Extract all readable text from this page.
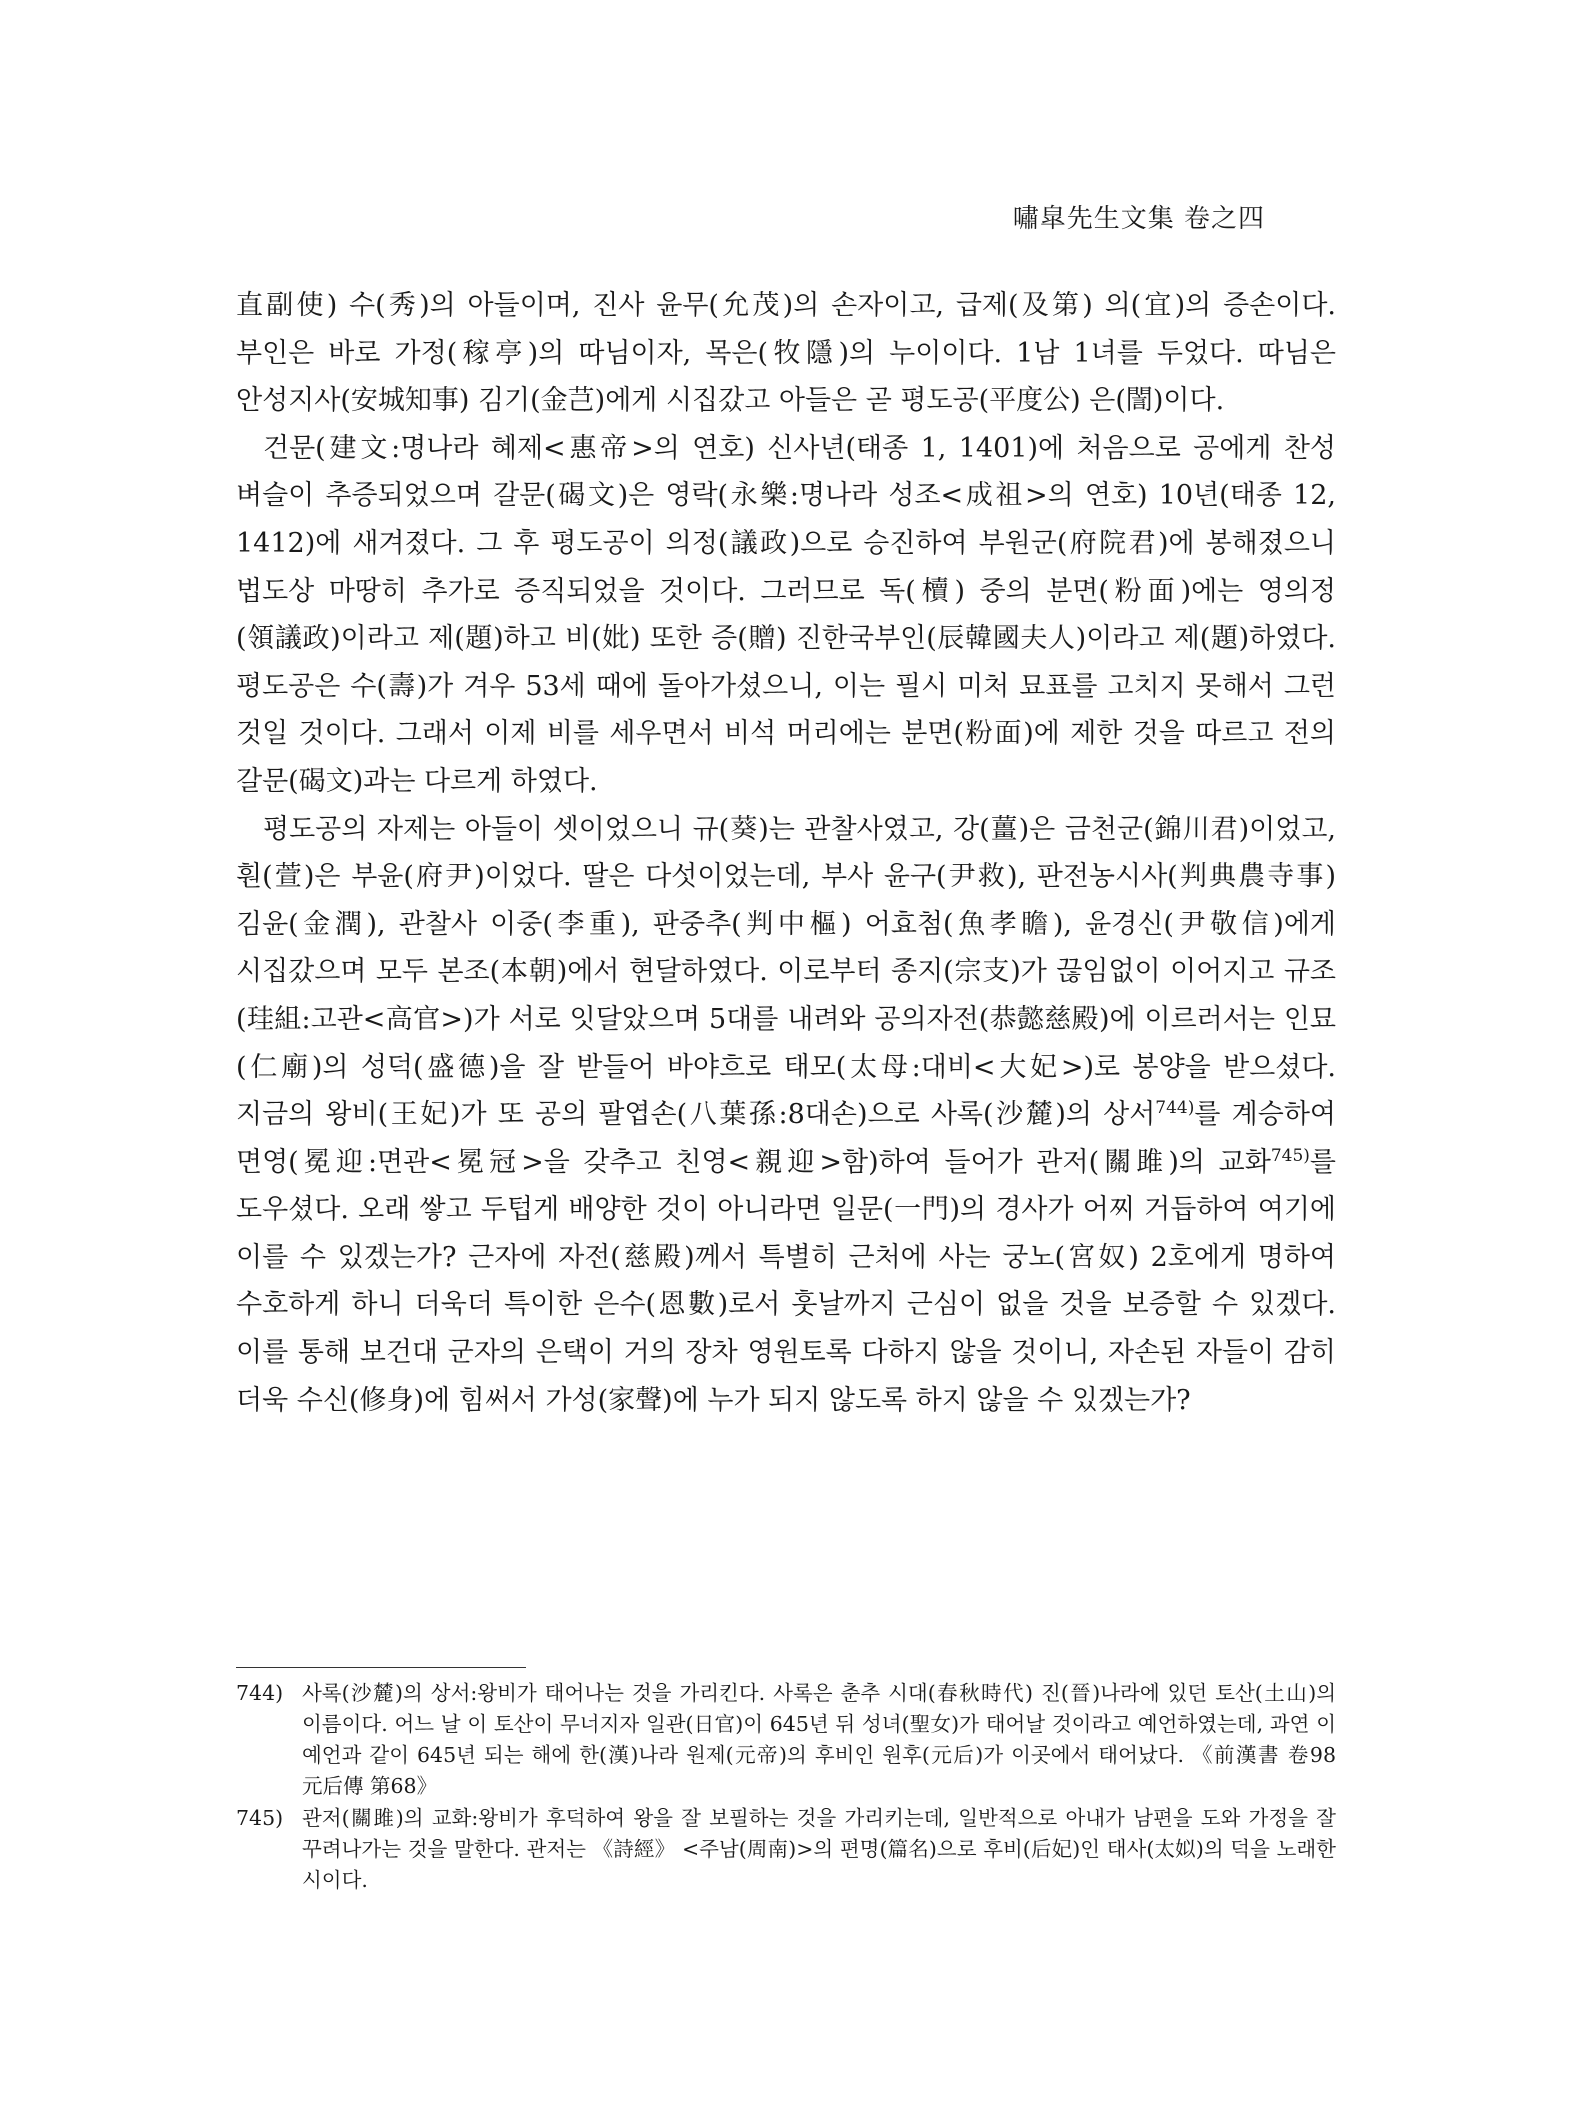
嘯皐先生文集 卷之四

直副使) 수(秀)의 아들이며, 진사 윤무(允茂)의 손자이고, 급제(及第) 의(宜)의 증손이다. 부인은 바로 가정(稼亭)의 따님이자, 목은(牧隱)의 누이이다. 1남 1녀를 두었다. 따님은 안성지사(安城知事) 김기(金芑)에게 시집갔고 아들은 곧 평도공(平度公) 은(誾)이다.

건문(建文:명나라 혜제<惠帝>의 연호) 신사년(태종 1, 1401)에 처음으로 공에게 찬성 벼슬이 추증되었으며 갈문(碣文)은 영락(永樂:명나라 성조<成祖>의 연호) 10년(태종 12, 1412)에 새겨졌다. 그 후 평도공이 의정(議政)으로 승진하여 부원군(府院君)에 봉해졌으니 법도상 마땅히 추가로 증직되었을 것이다. 그러므로 독(櫝) 중의 분면(粉面)에는 영의정(領議政)이라고 제(題)하고 비(妣) 또한 증(贈) 진한국부인(辰韓國夫人)이라고 제(題)하였다. 평도공은 수(壽)가 겨우 53세 때에 돌아가셨으니, 이는 필시 미처 묘표를 고치지 못해서 그런 것일 것이다. 그래서 이제 비를 세우면서 비석 머리에는 분면(粉面)에 제한 것을 따르고 전의 갈문(碣文)과는 다르게 하였다.

평도공의 자제는 아들이 셋이었으니 규(葵)는 관찰사였고, 강(薑)은 금천군(錦川君)이었고, 훤(萱)은 부윤(府尹)이었다. 딸은 다섯이었는데, 부사 윤구(尹救), 판전농시사(判典農寺事) 김윤(金潤), 관찰사 이중(李重), 판중추(判中樞) 어효첨(魚孝瞻), 윤경신(尹敬信)에게 시집갔으며 모두 본조(本朝)에서 현달하였다. 이로부터 종지(宗支)가 끊임없이 이어지고 규조(珪組:고관<高官>)가 서로 잇달았으며 5대를 내려와 공의자전(恭懿慈殿)에 이르러서는 인묘(仁廟)의 성덕(盛德)을 잘 받들어 바야흐로 태모(太母:대비<大妃>)로 봉양을 받으셨다. 지금의 왕비(王妃)가 또 공의 팔엽손(八葉孫:8대손)으로 사록(沙麓)의 상서$^{744)}$를 계승하여 면영(冕迎:면관<冕冠>을 갖추고 친영<親迎>함)하여 들어가 관저(關雎)의 교화$^{745)}$를 도우셨다. 오래 쌓고 두텁게 배양한 것이 아니라면 일문(一門)의 경사가 어찌 거듭하여 여기에 이를 수 있겠는가? 근자에 자전(慈殿)께서 특별히 근처에 사는 궁노(宮奴) 2호에게 명하여 수호하게 하니 더욱더 특이한 은수(恩數)로서 훗날까지 근심이 없을 것을 보증할 수 있겠다. 이를 통해 보건대 군자의 은택이 거의 장차 영원토록 다하지 않을 것이니, 자손된 자들이 감히 더욱 수신(修身)에 힘써서 가성(家聲)에 누가 되지 않도록 하지 않을 수 있겠는가?

744) 사록(沙麓)의 상서:왕비가 태어나는 것을 가리킨다. 사록은 춘추 시대(春秋時代) 진(晉)나라에 있던 토산(土山)의 이름이다. 어느 날 이 토산이 무너지자 일관(日官)이 645년 뒤 성녀(聖女)가 태어날 것이라고 예언하였는데, 과연 이 예언과 같이 645년 되는 해에 한(漢)나라 원제(元帝)의 후비인 원후(元后)가 이곳에서 태어났다. 《前漢書 卷98 元后傳 第68》
745) 관저(關雎)의 교화:왕비가 후덕하여 왕을 잘 보필하는 것을 가리키는데, 일반적으로 아내가 남편을 도와 가정을 잘 꾸려나가는 것을 말한다. 관저는 《詩經》 <주남(周南)>의 편명(篇名)으로 후비(后妃)인 태사(太姒)의 덕을 노래한 시이다.
